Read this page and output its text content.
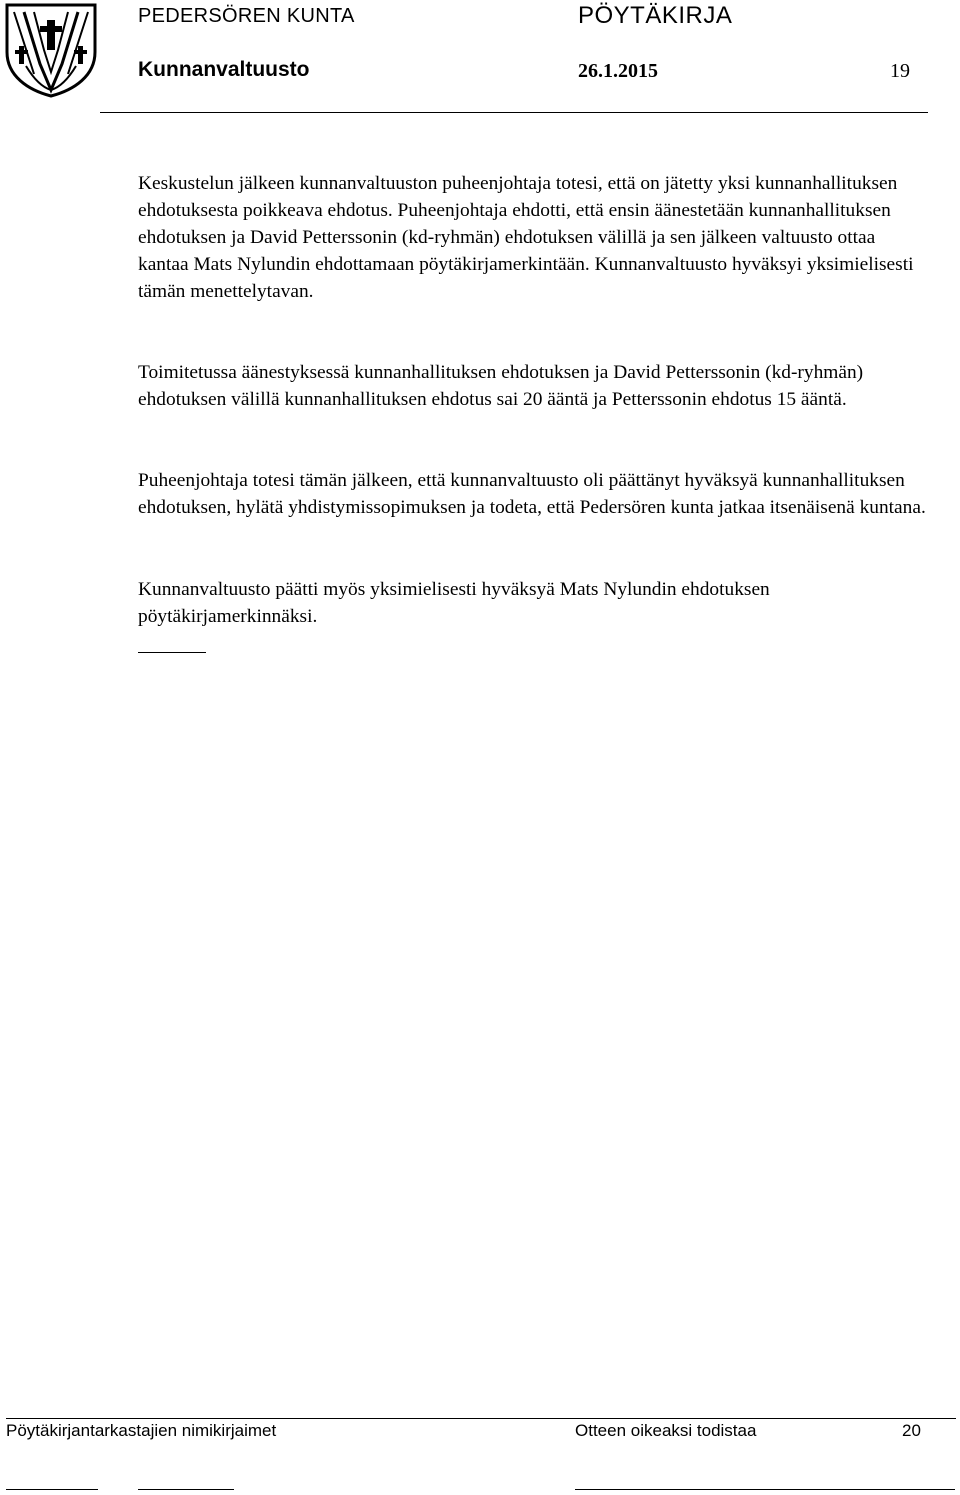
PEDERSÖREN KUNTA	PÖYTÄKIRJA
Kunnanvaltuusto	26.1.2015	19
Keskustelun jälkeen kunnanvaltuuston puheenjohtaja totesi, että on jätetty yksi kunnanhallituksen ehdotuksesta poikkeava ehdotus. Puheenjohtaja ehdotti, että ensin äänestetään kunnanhallituksen ehdotuksen ja David Petterssonin (kd-ryhmän) ehdotuksen välillä ja sen jälkeen valtuusto ottaa kantaa Mats Nylundin ehdottamaan pöytäkirjamerkintään. Kunnanvaltuusto hyväksyi yksimielisesti tämän menettelytavan.
Toimitetussa äänestyksessä kunnanhallituksen ehdotuksen ja David Petterssonin (kd-ryhmän) ehdotuksen välillä kunnanhallituksen ehdotus sai 20 ääntä ja Petterssonin ehdotus 15 ääntä.
Puheenjohtaja totesi tämän jälkeen, että kunnanvaltuusto oli päättänyt hyväksyä kunnanhallituksen ehdotuksen, hylätä yhdistymissopimuksen ja todeta, että Pedersören kunta jatkaa itsenäisenä kuntana.
Kunnanvaltuusto päätti myös yksimielisesti hyväksyä Mats Nylundin ehdotuksen pöytäkirjamerkinnäksi.
Pöytäkirjantarkastajien nimikirjaimet	Otteen oikeaksi todistaa	20
